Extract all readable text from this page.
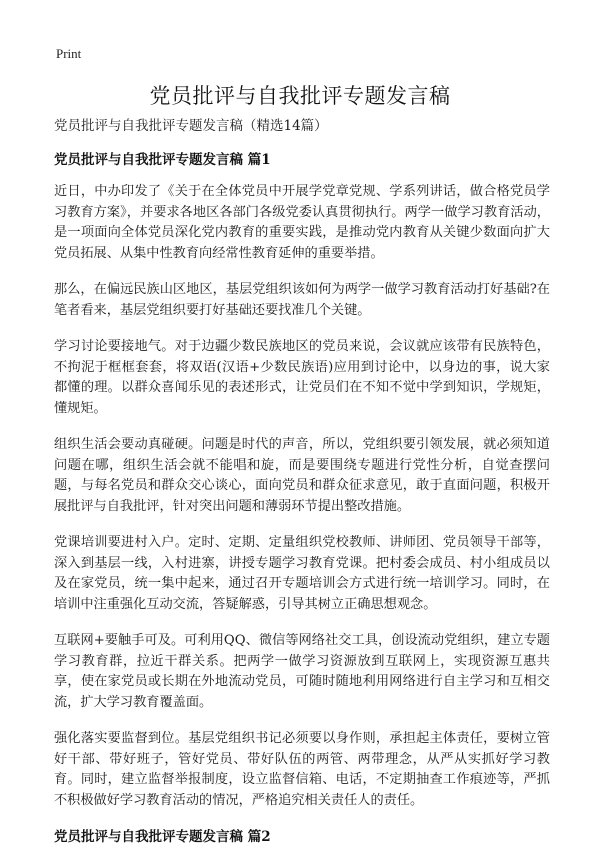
Print
党员批评与自我批评专题发言稿

党员批评与自我批评专题发言稿（精选14篇）

党员批评与自我批评专题发言稿 篇1

近日，中办印发了《关于在全体党员中开展学党章党规、学系列讲话，做合格党员学习教育方案》，并要求各地区各部门各级党委认真贯彻执行。两学一做学习教育活动，是一项面向全体党员深化党内教育的重要实践，是推动党内教育从关键少数面向扩大党员拓展、从集中性教育向经常性教育延伸的重要举措。

那么，在偏远民族山区地区，基层党组织该如何为两学一做学习教育活动打好基础?在笔者看来，基层党组织要打好基础还要找准几个关键。

学习讨论要接地气。对于边疆少数民族地区的党员来说，会议就应该带有民族特色，不拘泥于框框套套，将双语(汉语+少数民族语)应用到讨论中，以身边的事，说大家都懂的理。以群众喜闻乐见的表述形式，让党员们在不知不觉中学到知识，学规矩，懂规矩。

组织生活会要动真碰硬。问题是时代的声音，所以，党组织要引领发展，就必须知道问题在哪，组织生活会就不能唱和旋，而是要围绕专题进行党性分析，自觉查摆问题，与每名党员和群众交心谈心，面向党员和群众征求意见，敢于直面问题，积极开展批评与自我批评，针对突出问题和薄弱环节提出整改措施。

党课培训要进村入户。定时、定期、定量组织党校教师、讲师团、党员领导干部等，深入到基层一线，入村进寨，讲授专题学习教育党课。把村委会成员、村小组成员以及在家党员，统一集中起来，通过召开专题培训会方式进行统一培训学习。同时，在培训中注重强化互动交流，答疑解惑，引导其树立正确思想观念。

互联网+要触手可及。可利用QQ、微信等网络社交工具，创设流动党组织，建立专题学习教育群，拉近干群关系。把两学一做学习资源放到互联网上，实现资源互惠共享，使在家党员或长期在外地流动党员，可随时随地利用网络进行自主学习和互相交流，扩大学习教育覆盖面。

强化落实要监督到位。基层党组织书记必须要以身作则，承担起主体责任，要树立管好干部、带好班子，管好党员、带好队伍的两管、两带理念，从严从实抓好学习教育。同时，建立监督举报制度，设立监督信箱、电话，不定期抽查工作痕迹等，严抓不积极做好学习教育活动的情况，严格追究相关责任人的责任。

党员批评与自我批评专题发言稿 篇2
